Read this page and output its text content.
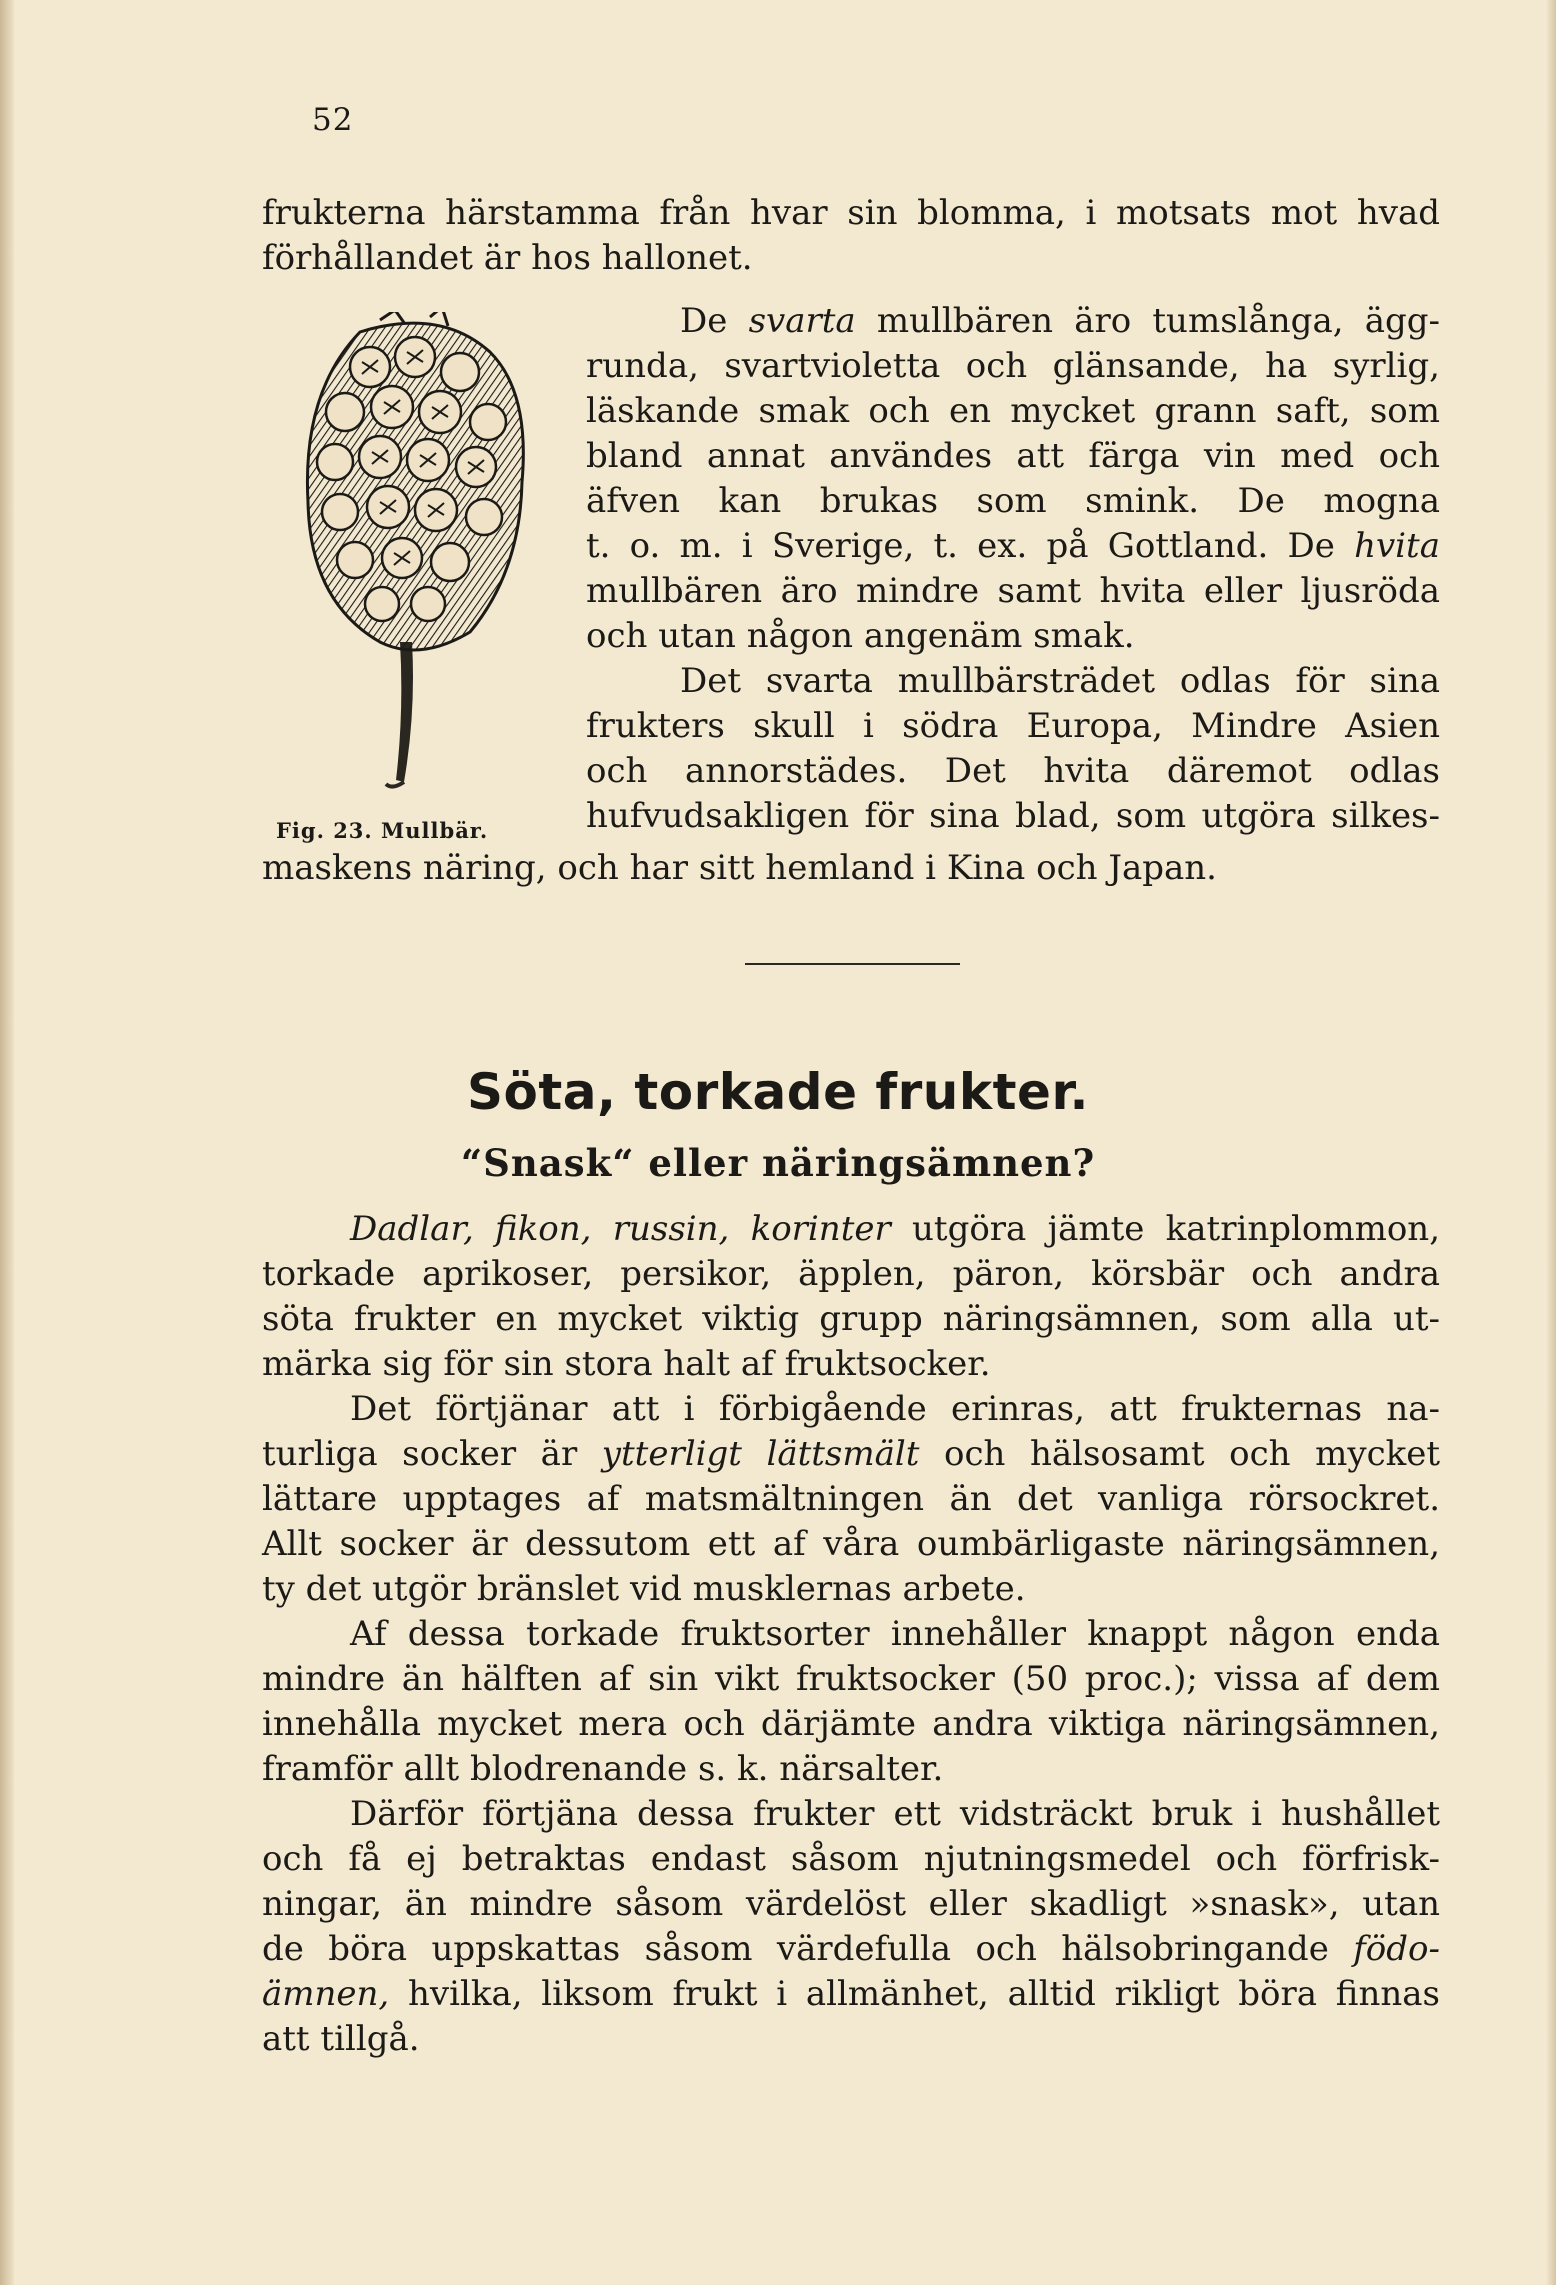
52
frukterna härstamma från hvar sin blomma, i motsats mot hvad
förhållandet är hos hallonet.
Fig. 23. Mullbär.
De svarta mullbären äro tumslånga, ägg-
runda, svartvioletta och glänsande, ha syrlig,
läskande smak och en mycket grann saft, som
bland annat användes att färga vin med och
äfven kan brukas som smink. De mogna
t. o. m. i Sverige, t. ex. på Gottland. De hvita
mullbären äro mindre samt hvita eller ljusröda
och utan någon angenäm smak.
Det svarta mullbärsträdet odlas för sina
frukters skull i södra Europa, Mindre Asien
och annorstädes. Det hvita däremot odlas
hufvudsakligen för sina blad, som utgöra silkes-
maskens näring, och har sitt hemland i Kina och Japan.
Söta, torkade frukter.
“Snask“ eller näringsämnen?
Dadlar, fikon, russin, korinter utgöra jämte katrinplommon,
torkade aprikoser, persikor, äpplen, päron, körsbär och andra
söta frukter en mycket viktig grupp näringsämnen, som alla ut-
märka sig för sin stora halt af fruktsocker.
Det förtjänar att i förbigående erinras, att frukternas na-
turliga socker är ytterligt lättsmält och hälsosamt och mycket
lättare upptages af matsmältningen än det vanliga rörsockret.
Allt socker är dessutom ett af våra oumbärligaste näringsämnen,
ty det utgör bränslet vid musklernas arbete.
Af dessa torkade fruktsorter innehåller knappt någon enda
mindre än hälften af sin vikt fruktsocker (50 proc.); vissa af dem
innehålla mycket mera och därjämte andra viktiga näringsämnen,
framför allt blodrenande s. k. närsalter.
Därför förtjäna dessa frukter ett vidsträckt bruk i hushållet
och få ej betraktas endast såsom njutningsmedel och förfrisk-
ningar, än mindre såsom värdelöst eller skadligt »snask», utan
de böra uppskattas såsom värdefulla och hälsobringande födo-
ämnen, hvilka, liksom frukt i allmänhet, alltid rikligt böra finnas
att tillgå.
